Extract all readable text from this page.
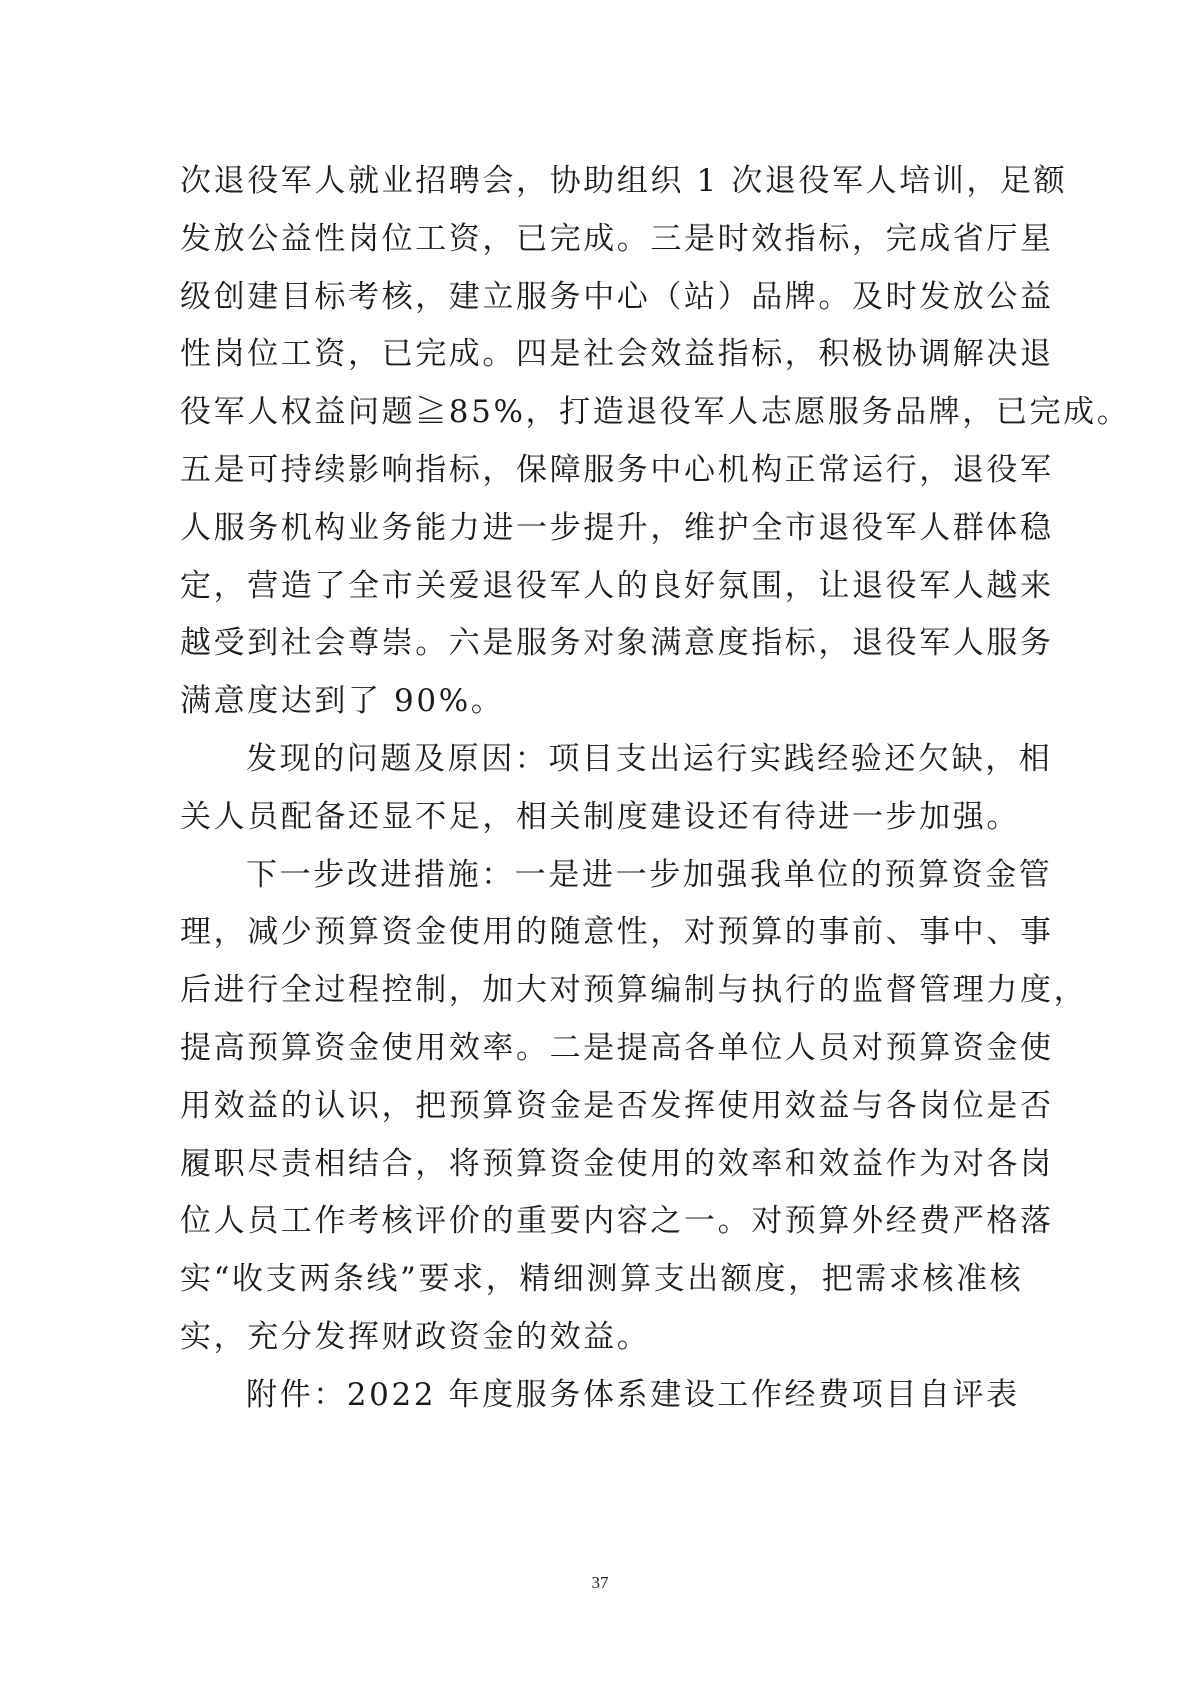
次退役军人就业招聘会，协助组织 1 次退役军人培训，足额
发放公益性岗位工资，已完成。三是时效指标，完成省厅星
级创建目标考核，建立服务中心（站）品牌。及时发放公益
性岗位工资，已完成。四是社会效益指标，积极协调解决退
役军人权益问题≧85%，打造退役军人志愿服务品牌，已完成。
五是可持续影响指标，保障服务中心机构正常运行，退役军
人服务机构业务能力进一步提升，维护全市退役军人群体稳
定，营造了全市关爱退役军人的良好氛围，让退役军人越来
越受到社会尊崇。六是服务对象满意度指标，退役军人服务
满意度达到了 90%。
发现的问题及原因：项目支出运行实践经验还欠缺，相
关人员配备还显不足，相关制度建设还有待进一步加强。
下一步改进措施：一是进一步加强我单位的预算资金管
理，减少预算资金使用的随意性，对预算的事前、事中、事
后进行全过程控制，加大对预算编制与执行的监督管理力度，
提高预算资金使用效率。二是提高各单位人员对预算资金使
用效益的认识，把预算资金是否发挥使用效益与各岗位是否
履职尽责相结合，将预算资金使用的效率和效益作为对各岗
位人员工作考核评价的重要内容之一。对预算外经费严格落
实“收支两条线”要求，精细测算支出额度，把需求核准核
实，充分发挥财政资金的效益。
附件：2022 年度服务体系建设工作经费项目自评表
37
